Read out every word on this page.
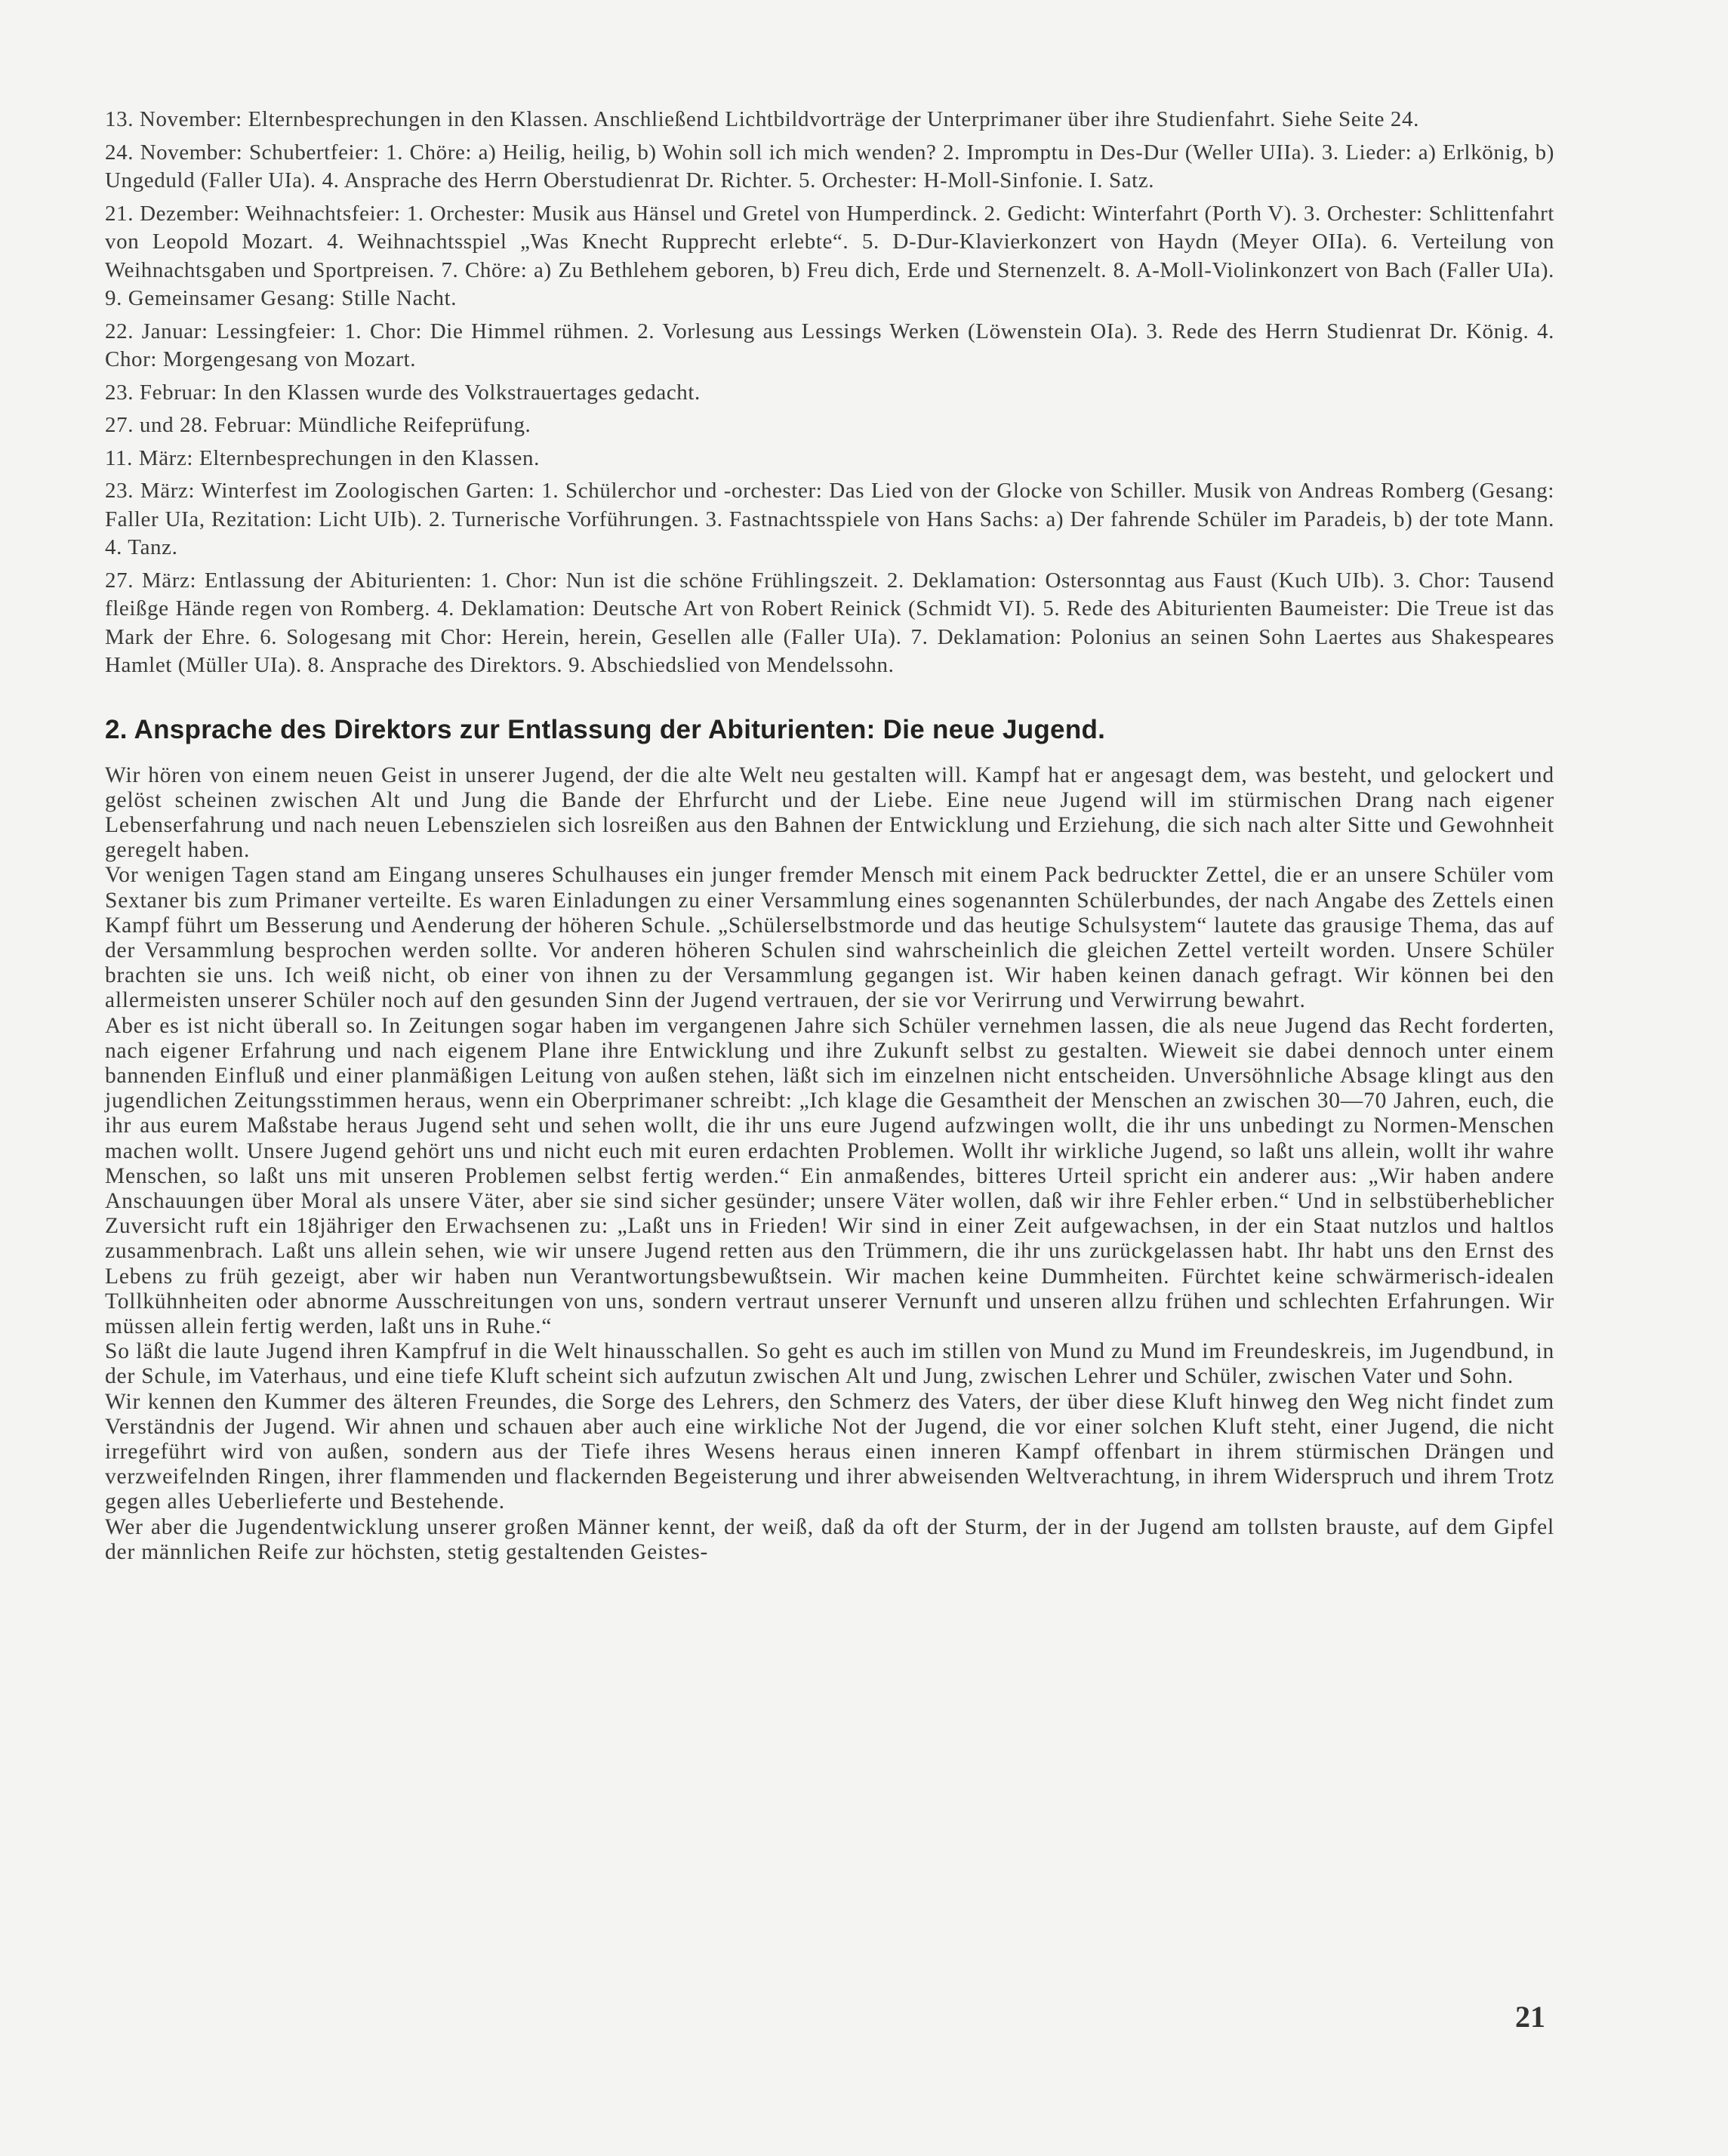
13. November: Elternbesprechungen in den Klassen. Anschließend Lichtbildvorträge der Unterprimaner über ihre Studienfahrt. Siehe Seite 24.

24. November: Schubertfeier: 1. Chöre: a) Heilig, heilig, b) Wohin soll ich mich wenden? 2. Impromptu in Des-Dur (Weller UIIa). 3. Lieder: a) Erlkönig, b) Ungeduld (Faller UIa). 4. Ansprache des Herrn Oberstudienrat Dr. Richter. 5. Orchester: H-Moll-Sinfonie. I. Satz.

21. Dezember: Weihnachtsfeier: 1. Orchester: Musik aus Hänsel und Gretel von Humperdinck. 2. Gedicht: Winterfahrt (Porth V). 3. Orchester: Schlittenfahrt von Leopold Mozart. 4. Weihnachtsspiel „Was Knecht Rupprecht erlebte“. 5. D-Dur-Klavierkonzert von Haydn (Meyer OIIa). 6. Verteilung von Weihnachtsgaben und Sportpreisen. 7. Chöre: a) Zu Bethlehem geboren, b) Freu dich, Erde und Sternenzelt. 8. A-Moll-Violinkonzert von Bach (Faller UIa). 9. Gemeinsamer Gesang: Stille Nacht.

22. Januar: Lessingfeier: 1. Chor: Die Himmel rühmen. 2. Vorlesung aus Lessings Werken (Löwenstein OIa). 3. Rede des Herrn Studienrat Dr. König. 4. Chor: Morgengesang von Mozart.

23. Februar: In den Klassen wurde des Volkstrauertages gedacht.

27. und 28. Februar: Mündliche Reifeprüfung.

11. März: Elternbesprechungen in den Klassen.

23. März: Winterfest im Zoologischen Garten: 1. Schülerchor und -orchester: Das Lied von der Glocke von Schiller. Musik von Andreas Romberg (Gesang: Faller UIa, Rezitation: Licht UIb). 2. Turnerische Vorführungen. 3. Fastnachtsspiele von Hans Sachs: a) Der fahrende Schüler im Paradeis, b) der tote Mann. 4. Tanz.

27. März: Entlassung der Abiturienten: 1. Chor: Nun ist die schöne Frühlingszeit. 2. Deklamation: Ostersonntag aus Faust (Kuch UIb). 3. Chor: Tausend fleißge Hände regen von Romberg. 4. Deklamation: Deutsche Art von Robert Reinick (Schmidt VI). 5. Rede des Abiturienten Baumeister: Die Treue ist das Mark der Ehre. 6. Sologesang mit Chor: Herein, herein, Gesellen alle (Faller UIa). 7. Deklamation: Polonius an seinen Sohn Laertes aus Shakespeares Hamlet (Müller UIa). 8. Ansprache des Direktors. 9. Abschiedslied von Mendelssohn.

2. Ansprache des Direktors zur Entlassung der Abiturienten: Die neue Jugend.

Wir hören von einem neuen Geist in unserer Jugend, der die alte Welt neu gestalten will. Kampf hat er angesagt dem, was besteht, und gelockert und gelöst scheinen zwischen Alt und Jung die Bande der Ehrfurcht und der Liebe. Eine neue Jugend will im stürmischen Drang nach eigener Lebenserfahrung und nach neuen Lebenszielen sich losreißen aus den Bahnen der Entwicklung und Erziehung, die sich nach alter Sitte und Gewohnheit geregelt haben.

Vor wenigen Tagen stand am Eingang unseres Schulhauses ein junger fremder Mensch mit einem Pack bedruckter Zettel, die er an unsere Schüler vom Sextaner bis zum Primaner verteilte. Es waren Einladungen zu einer Versammlung eines sogenannten Schülerbundes, der nach Angabe des Zettels einen Kampf führt um Besserung und Aenderung der höheren Schule. „Schülerselbstmorde und das heutige Schulsystem“ lautete das grausige Thema, das auf der Versammlung besprochen werden sollte. Vor anderen höheren Schulen sind wahrscheinlich die gleichen Zettel verteilt worden. Unsere Schüler brachten sie uns. Ich weiß nicht, ob einer von ihnen zu der Versammlung gegangen ist. Wir haben keinen danach gefragt. Wir können bei den allermeisten unserer Schüler noch auf den gesunden Sinn der Jugend vertrauen, der sie vor Verirrung und Verwirrung bewahrt.

Aber es ist nicht überall so. In Zeitungen sogar haben im vergangenen Jahre sich Schüler vernehmen lassen, die als neue Jugend das Recht forderten, nach eigener Erfahrung und nach eigenem Plane ihre Entwicklung und ihre Zukunft selbst zu gestalten. Wieweit sie dabei dennoch unter einem bannenden Einfluß und einer planmäßigen Leitung von außen stehen, läßt sich im einzelnen nicht entscheiden. Unversöhnliche Absage klingt aus den jugendlichen Zeitungsstimmen heraus, wenn ein Oberprimaner schreibt: „Ich klage die Gesamtheit der Menschen an zwischen 30—70 Jahren, euch, die ihr aus eurem Maßstabe heraus Jugend seht und sehen wollt, die ihr uns eure Jugend aufzwingen wollt, die ihr uns unbedingt zu Normen-Menschen machen wollt. Unsere Jugend gehört uns und nicht euch mit euren erdachten Problemen. Wollt ihr wirkliche Jugend, so laßt uns allein, wollt ihr wahre Menschen, so laßt uns mit unseren Problemen selbst fertig werden.“ Ein anmaßendes, bitteres Urteil spricht ein anderer aus: „Wir haben andere Anschauungen über Moral als unsere Väter, aber sie sind sicher gesünder; unsere Väter wollen, daß wir ihre Fehler erben.“ Und in selbstüberheblicher Zuversicht ruft ein 18jähriger den Erwachsenen zu: „Laßt uns in Frieden! Wir sind in einer Zeit aufgewachsen, in der ein Staat nutzlos und haltlos zusammenbrach. Laßt uns allein sehen, wie wir unsere Jugend retten aus den Trümmern, die ihr uns zurückgelassen habt. Ihr habt uns den Ernst des Lebens zu früh gezeigt, aber wir haben nun Verantwortungsbewußtsein. Wir machen keine Dummheiten. Fürchtet keine schwärmerisch-idealen Tollkühnheiten oder abnorme Ausschreitungen von uns, sondern vertraut unserer Vernunft und unseren allzu frühen und schlechten Erfahrungen. Wir müssen allein fertig werden, laßt uns in Ruhe.“

So läßt die laute Jugend ihren Kampfruf in die Welt hinausschallen. So geht es auch im stillen von Mund zu Mund im Freundeskreis, im Jugendbund, in der Schule, im Vaterhaus, und eine tiefe Kluft scheint sich aufzutun zwischen Alt und Jung, zwischen Lehrer und Schüler, zwischen Vater und Sohn.

Wir kennen den Kummer des älteren Freundes, die Sorge des Lehrers, den Schmerz des Vaters, der über diese Kluft hinweg den Weg nicht findet zum Verständnis der Jugend. Wir ahnen und schauen aber auch eine wirkliche Not der Jugend, die vor einer solchen Kluft steht, einer Jugend, die nicht irregeführt wird von außen, sondern aus der Tiefe ihres Wesens heraus einen inneren Kampf offenbart in ihrem stürmischen Drängen und verzweifelnden Ringen, ihrer flammenden und flackernden Begeisterung und ihrer abweisenden Weltverachtung, in ihrem Widerspruch und ihrem Trotz gegen alles Ueberlieferte und Bestehende.

Wer aber die Jugendentwicklung unserer großen Männer kennt, der weiß, daß da oft der Sturm, der in der Jugend am tollsten brauste, auf dem Gipfel der männlichen Reife zur höchsten, stetig gestaltenden Geistes-

21
